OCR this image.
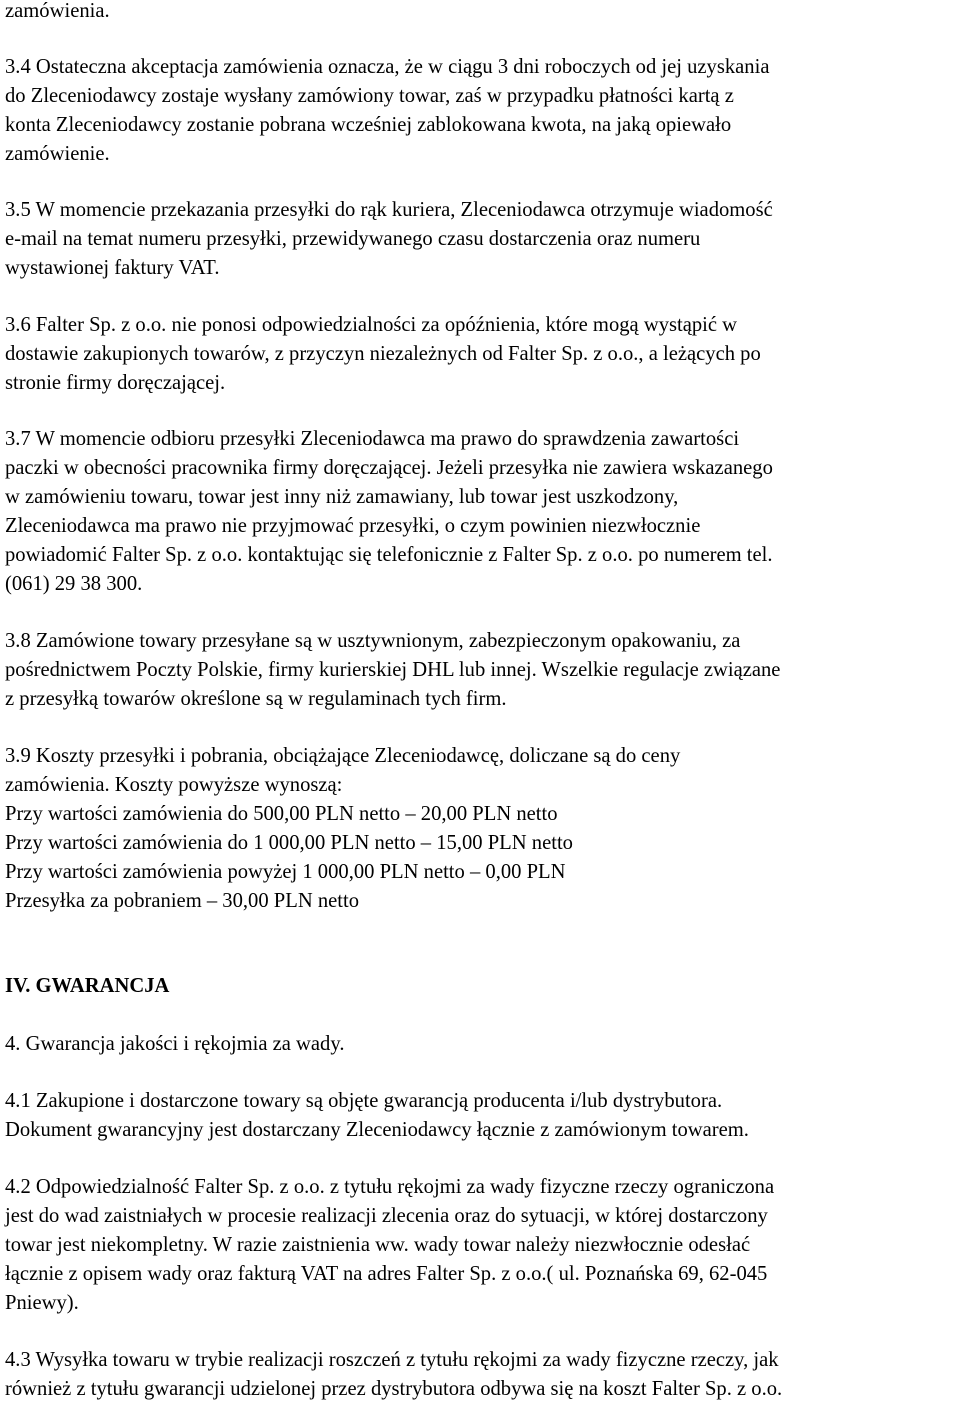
zamówienia.

3.4 Ostateczna akceptacja zamówienia oznacza, że w ciągu 3 dni roboczych od jej uzyskania

do Zleceniodawcy zostaje wysłany zamówiony towar, zaś w przypadku płatności kartą z

konta Zleceniodawcy zostanie pobrana wcześniej zablokowana kwota, na jaką opiewało

zamówienie.

3.5 W momencie przekazania przesyłki do rąk kuriera, Zleceniodawca otrzymuje wiadomość

e-mail na temat numeru przesyłki, przewidywanego czasu dostarczenia oraz numeru

wystawionej faktury VAT.

3.6 Falter Sp. z o.o. nie ponosi odpowiedzialności za opóźnienia, które mogą wystąpić w

dostawie zakupionych towarów, z przyczyn niezależnych od Falter Sp. z o.o., a leżących po

stronie firmy doręczającej.

3.7 W momencie odbioru przesyłki Zleceniodawca ma prawo do sprawdzenia zawartości

paczki w obecności pracownika firmy doręczającej. Jeżeli przesyłka nie zawiera wskazanego

w zamówieniu towaru, towar jest inny niż zamawiany, lub towar jest uszkodzony,

Zleceniodawca ma prawo nie przyjmować przesyłki, o czym powinien niezwłocznie

powiadomić Falter Sp. z o.o. kontaktując się telefonicznie z Falter Sp. z o.o. po numerem tel.

(061) 29 38 300.

3.8 Zamówione towary przesyłane są w usztywnionym, zabezpieczonym opakowaniu, za

pośrednictwem Poczty Polskie, firmy kurierskiej DHL lub innej. Wszelkie regulacje związane

z przesyłką towarów określone są w regulaminach tych firm.

3.9 Koszty przesyłki i pobrania, obciążające Zleceniodawcę, doliczane są do ceny

zamówienia. Koszty powyższe wynoszą:

Przy wartości zamówienia do 500,00 PLN netto – 20,00 PLN netto

Przy wartości zamówienia do 1 000,00 PLN netto – 15,00 PLN netto

Przy wartości zamówienia powyżej 1 000,00 PLN netto – 0,00 PLN

Przesyłka za pobraniem – 30,00 PLN netto

IV. GWARANCJA

4. Gwarancja jakości i rękojmia za wady.

4.1 Zakupione i dostarczone towary są objęte gwarancją producenta i/lub dystrybutora.

Dokument gwarancyjny jest dostarczany Zleceniodawcy łącznie z zamówionym towarem.

4.2 Odpowiedzialność Falter Sp. z o.o. z tytułu rękojmi za wady fizyczne rzeczy ograniczona

jest do wad zaistniałych w procesie realizacji zlecenia oraz do sytuacji, w której dostarczony

towar jest niekompletny. W razie zaistnienia ww. wady towar należy niezwłocznie odesłać

łącznie z opisem wady oraz fakturą VAT na adres Falter Sp. z o.o.( ul. Poznańska 69, 62-045

Pniewy).

4.3 Wysyłka towaru w trybie realizacji roszczeń z tytułu rękojmi za wady fizyczne rzeczy, jak

również z tytułu gwarancji udzielonej przez dystrybutora odbywa się na koszt Falter Sp. z o.o.
